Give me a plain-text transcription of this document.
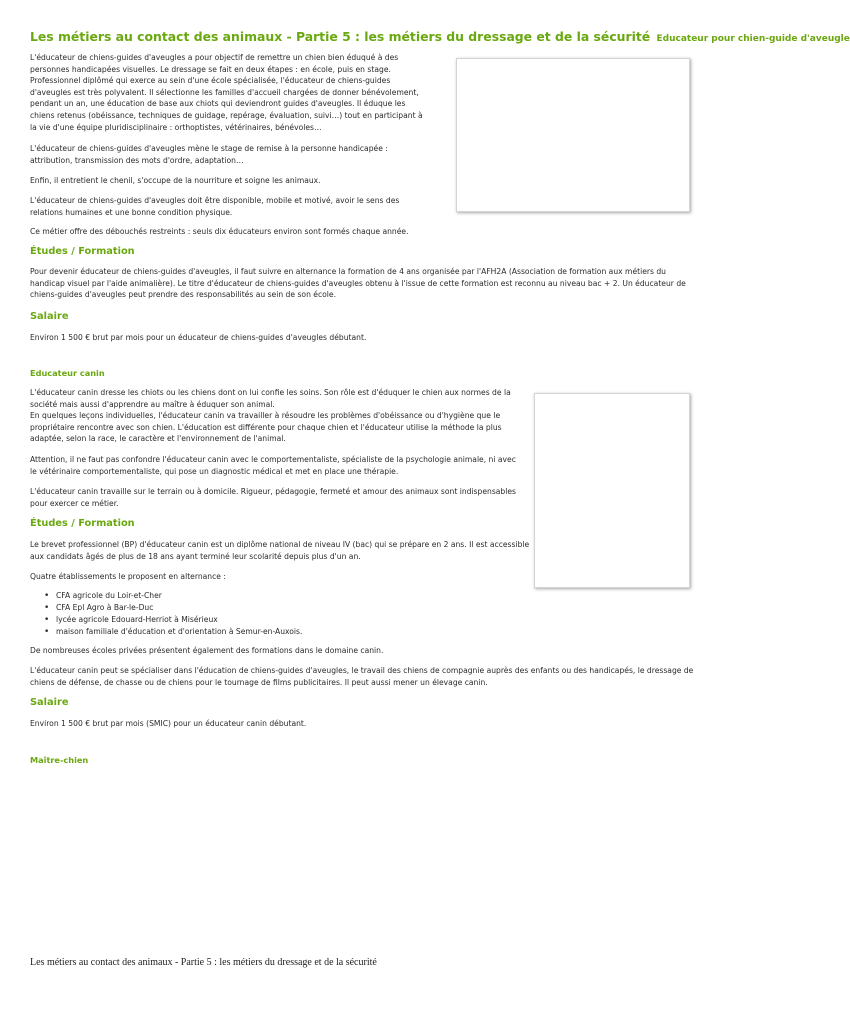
Les métiers au contact des animaux - Partie 5 : les métiers du dressage et de la sécurité Educateur pour chien-guide d'aveugle

L'éducateur de chiens-guides d'aveugles a pour objectif de remettre un chien bien éduqué à des personnes handicapées visuelles. Le dressage se fait en deux étapes : en école, puis en stage. Professionnel diplômé qui exerce au sein d'une école spécialisée, l'éducateur de chiens-guides d'aveugles est très polyvalent. Il sélectionne les familles d'accueil chargées de donner bénévolement, pendant un an, une éducation de base aux chiots qui deviendront guides d'aveugles. Il éduque les chiens retenus (obéissance, techniques de guidage, repérage, évaluation, suivi…) tout en participant à la vie d'une équipe pluridisciplinaire : orthoptistes, vétérinaires, bénévoles…

L'éducateur de chiens-guides d'aveugles mène le stage de remise à la personne handicapée : attribution, transmission des mots d'ordre, adaptation…

Enfin, il entretient le chenil, s'occupe de la nourriture et soigne les animaux.

L'éducateur de chiens-guides d'aveugles doit être disponible, mobile et motivé, avoir le sens des relations humaines et une bonne condition physique.

Ce métier offre des débouchés restreints : seuls dix éducateurs environ sont formés chaque année.

Études / Formation

Pour devenir éducateur de chiens-guides d'aveugles, il faut suivre en alternance la formation de 4 ans organisée par l'AFH2A (Association de formation aux métiers du handicap visuel par l'aide animalière). Le titre d'éducateur de chiens-guides d'aveugles obtenu à l'issue de cette formation est reconnu au niveau bac + 2. Un éducateur de chiens-guides d'aveugles peut prendre des responsabilités au sein de son école.

Salaire

Environ 1 500 € brut par mois pour un éducateur de chiens-guides d'aveugles débutant.

Educateur canin

L'éducateur canin dresse les chiots ou les chiens dont on lui confie les soins. Son rôle est d'éduquer le chien aux normes de la société mais aussi d'apprendre au maître à éduquer son animal.
En quelques leçons individuelles, l'éducateur canin va travailler à résoudre les problèmes d'obéissance ou d'hygiène que le propriétaire rencontre avec son chien. L'éducation est différente pour chaque chien et l'éducateur utilise la méthode la plus adaptée, selon la race, le caractère et l'environnement de l'animal.

Attention, il ne faut pas confondre l'éducateur canin avec le comportementaliste, spécialiste de la psychologie animale, ni avec le vétérinaire comportementaliste, qui pose un diagnostic médical et met en place une thérapie.

L'éducateur canin travaille sur le terrain ou à domicile. Rigueur, pédagogie, fermeté et amour des animaux sont indispensables pour exercer ce métier.

Études / Formation

Le brevet professionnel (BP) d'éducateur canin est un diplôme national de niveau IV (bac) qui se prépare en 2 ans. Il est accessible aux candidats âgés de plus de 18 ans ayant terminé leur scolarité depuis plus d'un an.

Quatre établissements le proposent en alternance :

• CFA agricole du Loir-et-Cher
• CFA Epl Agro à Bar-le-Duc
• lycée agricole Edouard-Herriot à Misérieux
• maison familiale d'éducation et d'orientation à Semur-en-Auxois.

De nombreuses écoles privées présentent également des formations dans le domaine canin.

L'éducateur canin peut se spécialiser dans l'éducation de chiens-guides d'aveugles, le travail des chiens de compagnie auprès des enfants ou des handicapés, le dressage de chiens de défense, de chasse ou de chiens pour le tournage de films publicitaires. Il peut aussi mener un élevage canin.

Salaire

Environ 1 500 € brut par mois (SMIC) pour un éducateur canin débutant.

Maître-chien
Les métiers au contact des animaux - Partie 5 : les métiers du dressage et de la sécurité
